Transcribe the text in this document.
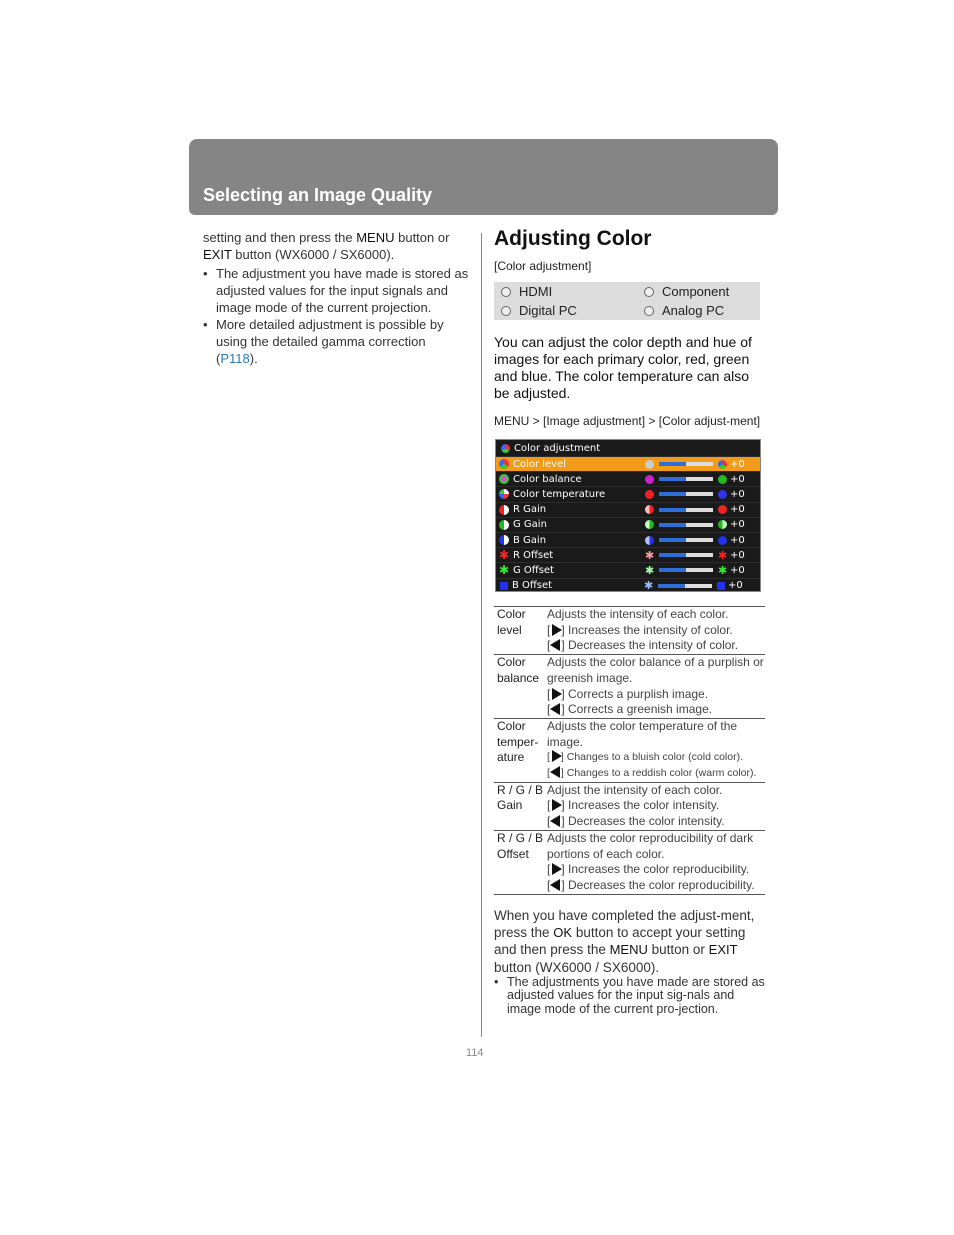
Selecting an Image Quality

setting and then press the MENU button or EXIT button (WX6000 / SX6000).

• The adjustment you have made is stored as adjusted values for the input signals and image mode of the current projection.
• More detailed adjustment is possible by using the detailed gamma correction (P118).
Adjusting Color
[Color adjustment]
HDMI	Component
Digital PC	Analog PC
You can adjust the color depth and hue of images for each primary color, red, green and blue. The color temperature can also be adjusted.
MENU > [Image adjustment] > [Color adjust-ment]
Color adjustment
Color level	+0
Color balance	+0
Color temperature	+0
R Gain	+0
G Gain	+0
B Gain	+0
✱ R Offset	✱	✱ +0
✱ G Offset	✱	✱ +0
B Offset	✱	+0
Color level	Adjusts the intensity of each color.
[ ] Increases the intensity of color.
[ ] Decreases the intensity of color.

Color balance	Adjusts the color balance of a purplish or greenish image.
[ ] Corrects a purplish image.
[ ] Corrects a greenish image.

Color temper-ature	Adjusts the color temperature of the image.
[ ] Changes to a bluish color (cold color).
[ ] Changes to a reddish color (warm color).

R / G / B Gain	Adjust the intensity of each color.
[ ] Increases the color intensity.
[ ] Decreases the color intensity.

R / G / B Offset	Adjusts the color reproducibility of dark portions of each color.
[ ] Increases the color reproducibility.
[ ] Decreases the color reproducibility.
When you have completed the adjust-ment, press the OK button to accept your setting and then press the MENU button or EXIT button (WX6000 / SX6000).
• The adjustments you have made are stored as adjusted values for the input sig-nals and image mode of the current pro-jection.
114
